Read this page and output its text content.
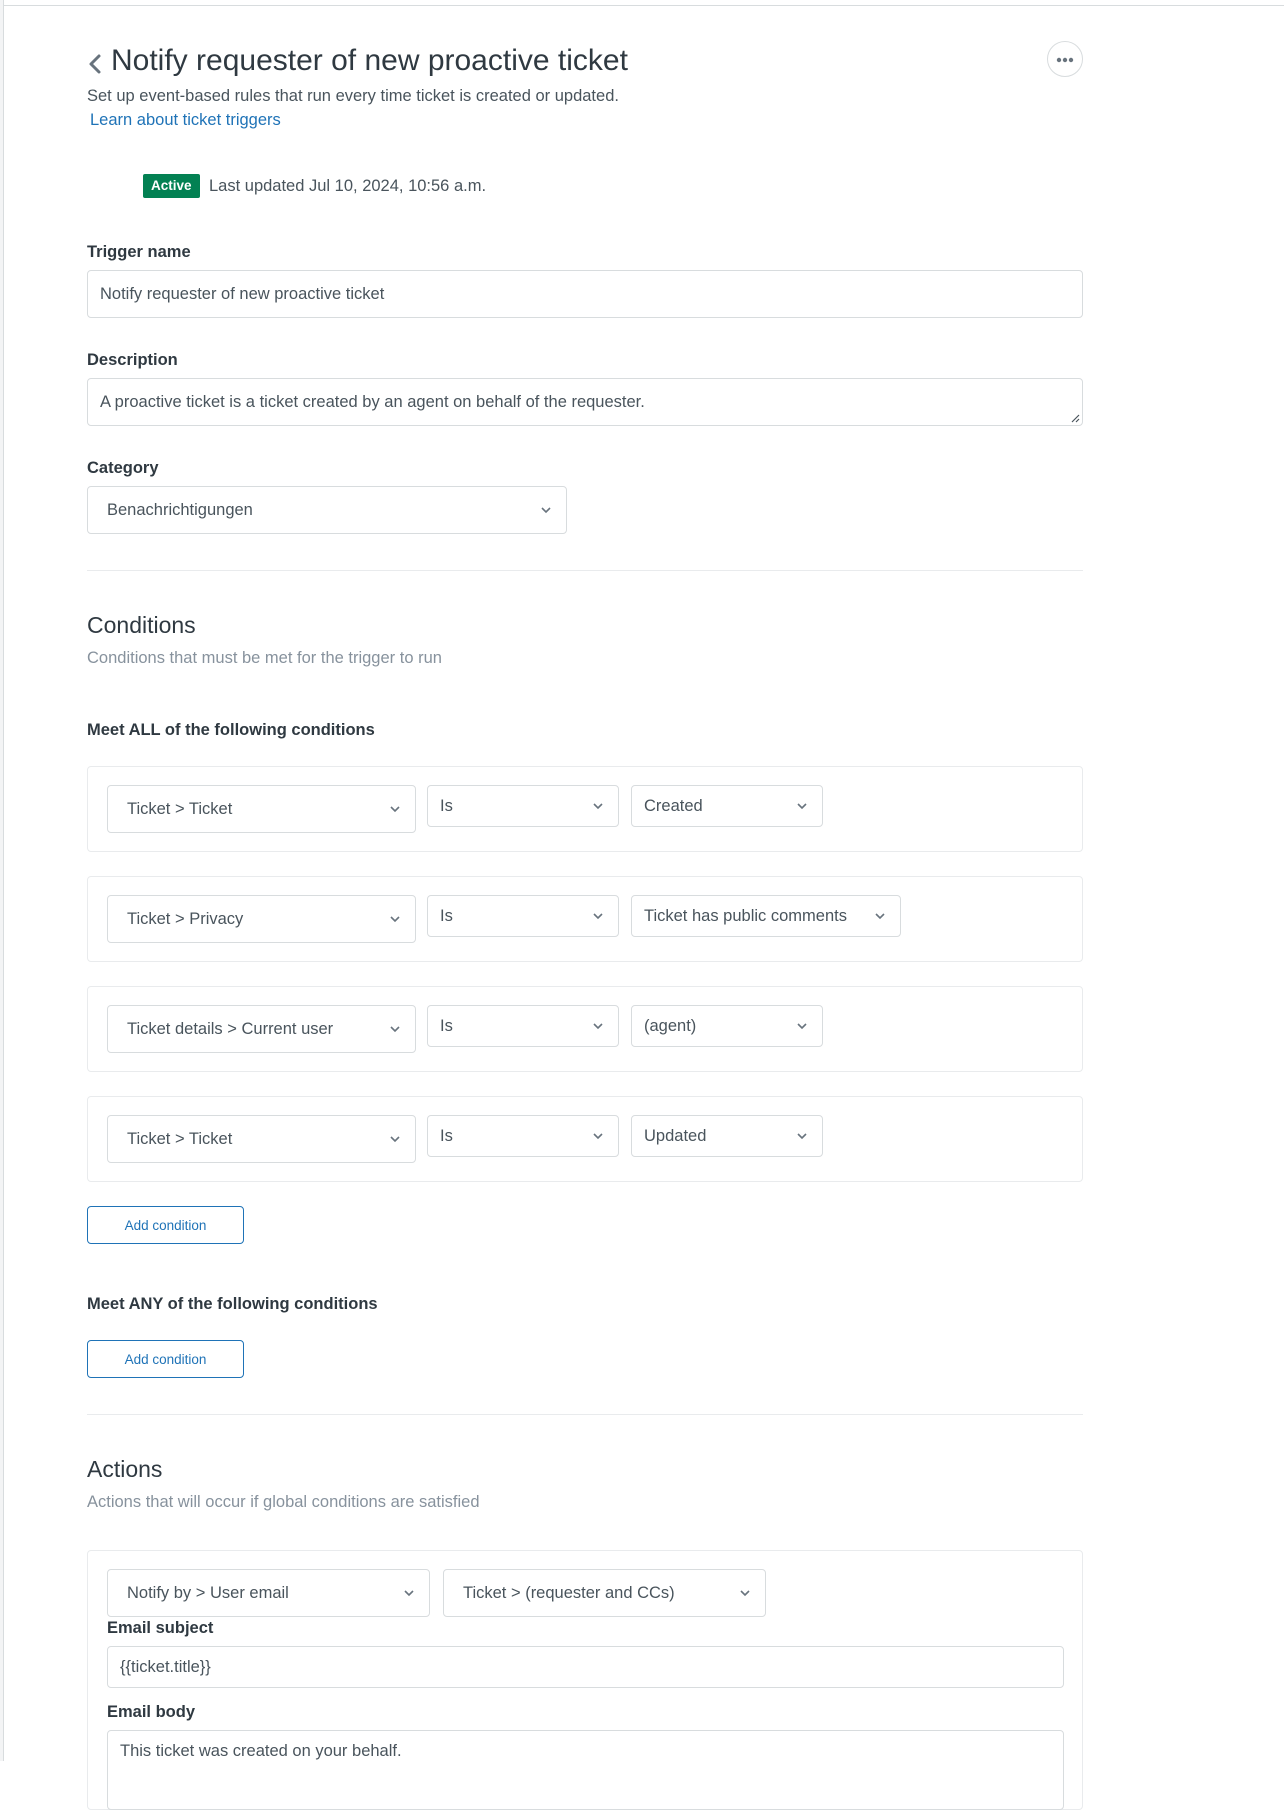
Notify requester of new proactive ticket
Set up event-based rules that run every time ticket is created or updated.
Learn about ticket triggers
Active	Last updated Jul 10, 2024, 10:56 a.m.
Trigger name
Notify requester of new proactive ticket
Description
A proactive ticket is a ticket created by an agent on behalf of the requester.
Category
Benachrichtigungen
Conditions
Conditions that must be met for the trigger to run
Meet ALL of the following conditions
Ticket > Ticket	Is	Created
Ticket > Privacy	Is	Ticket has public comments
Ticket details > Current user	Is	(agent)
Ticket > Ticket	Is	Updated
Add condition
Meet ANY of the following conditions
Add condition
Actions
Actions that will occur if global conditions are satisfied
Notify by > User email	Ticket > (requester and CCs)
Email subject
{{ticket.title}}
Email body
This ticket was created on your behalf.
